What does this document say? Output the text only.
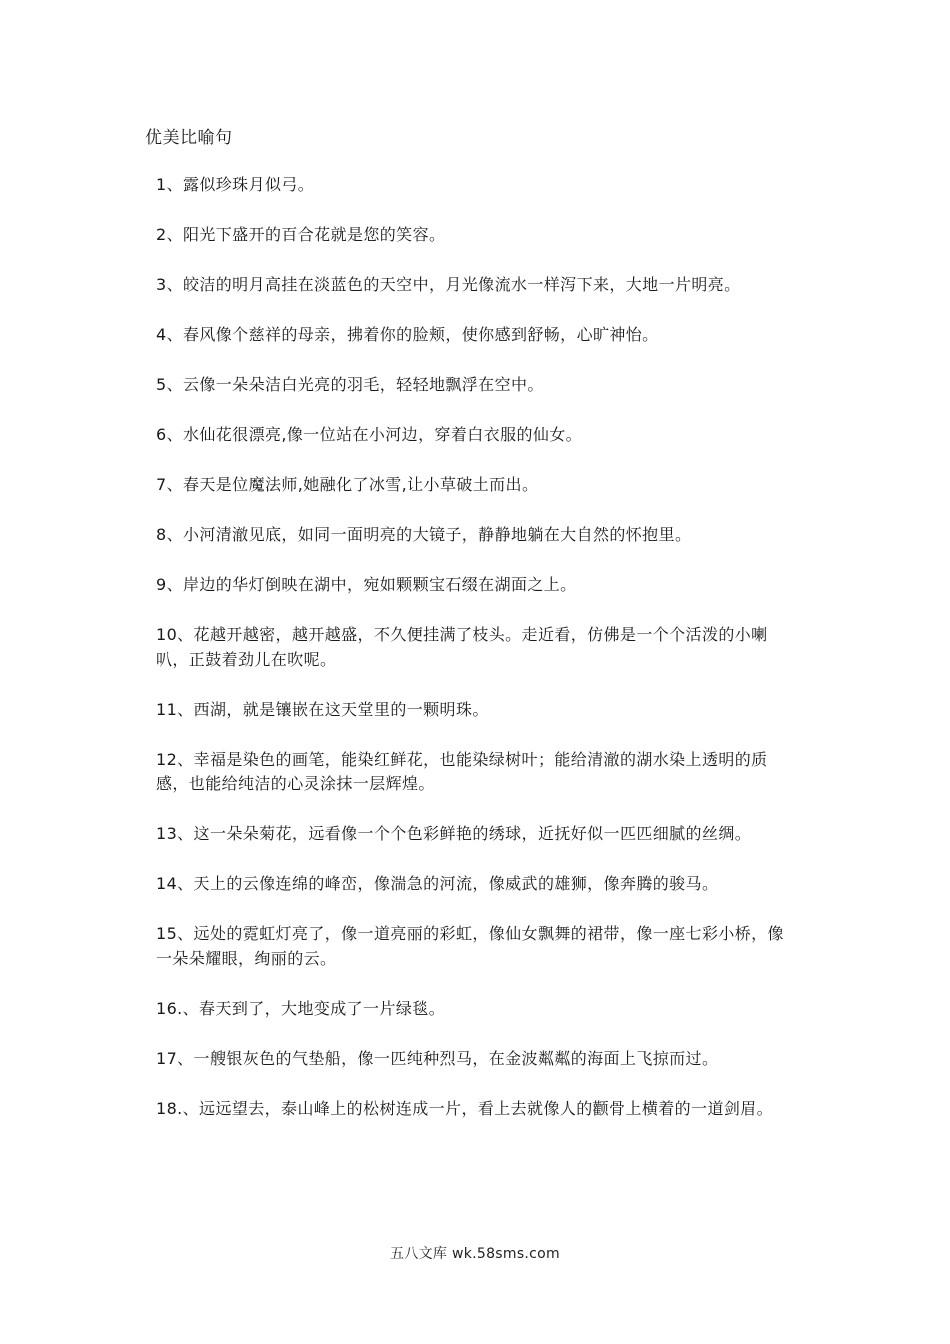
优美比喻句
1、露似珍珠月似弓。
2、阳光下盛开的百合花就是您的笑容。
3、皎洁的明月高挂在淡蓝色的天空中，月光像流水一样泻下来，大地一片明亮。
4、春风像个慈祥的母亲，拂着你的脸颊，使你感到舒畅，心旷神怡。
5、云像一朵朵洁白光亮的羽毛，轻轻地飘浮在空中。
6、水仙花很漂亮,像一位站在小河边，穿着白衣服的仙女。
7、春天是位魔法师,她融化了冰雪,让小草破土而出。
8、小河清澈见底，如同一面明亮的大镜子，静静地躺在大自然的怀抱里。
9、岸边的华灯倒映在湖中，宛如颗颗宝石缀在湖面之上。
10、花越开越密，越开越盛，不久便挂满了枝头。走近看，仿佛是一个个活泼的小喇叭，正鼓着劲儿在吹呢。
11、西湖，就是镶嵌在这天堂里的一颗明珠。
12、幸福是染色的画笔，能染红鲜花，也能染绿树叶；能给清澈的湖水染上透明的质感，也能给纯洁的心灵涂抹一层辉煌。
13、这一朵朵菊花，远看像一个个色彩鲜艳的绣球，近抚好似一匹匹细腻的丝绸。
14、天上的云像连绵的峰峦，像湍急的河流，像威武的雄狮，像奔腾的骏马。
15、远处的霓虹灯亮了，像一道亮丽的彩虹，像仙女飘舞的裙带，像一座七彩小桥，像一朵朵耀眼，绚丽的云。
16.、春天到了，大地变成了一片绿毯。
17、一艘银灰色的气垫船，像一匹纯种烈马，在金波粼粼的海面上飞掠而过。
18.、远远望去，泰山峰上的松树连成一片，看上去就像人的颧骨上横着的一道剑眉。
五八文库 wk.58sms.com
